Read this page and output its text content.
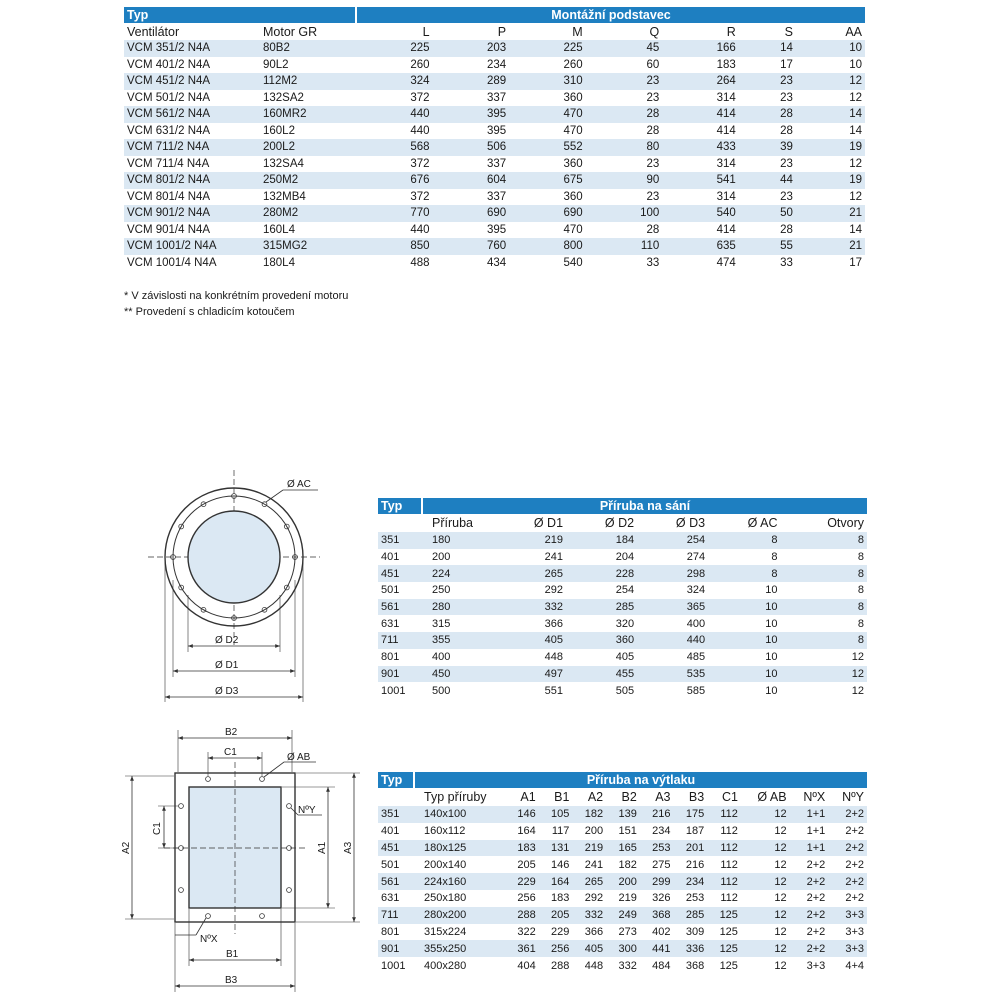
Typ		Montážní podstavec						
Ventilátor	Motor GR	L	P	M	Q	R	S	AA
VCM 351/2 N4A	80B2	225	203	225	45	166	14	10
VCM 401/2 N4A	90L2	260	234	260	60	183	17	10
VCM 451/2 N4A	112M2	324	289	310	23	264	23	12
VCM 501/2 N4A	132SA2	372	337	360	23	314	23	12
VCM 561/2 N4A	160MR2	440	395	470	28	414	28	14
VCM 631/2 N4A	160L2	440	395	470	28	414	28	14
VCM 711/2 N4A	200L2	568	506	552	80	433	39	19
VCM 711/4 N4A	132SA4	372	337	360	23	314	23	12
VCM 801/2 N4A	250M2	676	604	675	90	541	44	19
VCM 801/4 N4A	132MB4	372	337	360	23	314	23	12
VCM 901/2 N4A	280M2	770	690	690	100	540	50	21
VCM 901/4 N4A	160L4	440	395	470	28	414	28	14
VCM 1001/2 N4A	315MG2	850	760	800	110	635	55	21
VCM 1001/4 N4A	180L4	488	434	540	33	474	33	17
* V závislosti na konkrétním provedení motoru
** Provedení s chladicím kotoučem
Typ	Příruba na sání					
	Příruba	Ø D1	Ø D2	Ø D3	Ø AC	Otvory
351	180	219	184	254	8	8
401	200	241	204	274	8	8
451	224	265	228	298	8	8
501	250	292	254	324	10	8
561	280	332	285	365	10	8
631	315	366	320	400	10	8
711	355	405	360	440	10	8
801	400	448	405	485	10	12
901	450	497	455	535	10	12
1001	500	551	505	585	10	12
Typ	Příruba na výtlaku										
	Typ příruby	A1	B1	A2	B2	A3	B3	C1	Ø AB	NºX	NºY
351	140x100	146	105	182	139	216	175	112	12	1+1	2+2
401	160x112	164	117	200	151	234	187	112	12	1+1	2+2
451	180x125	183	131	219	165	253	201	112	12	1+1	2+2
501	200x140	205	146	241	182	275	216	112	12	2+2	2+2
561	224x160	229	164	265	200	299	234	112	12	2+2	2+2
631	250x180	256	183	292	219	326	253	112	12	2+2	2+2
711	280x200	288	205	332	249	368	285	125	12	2+2	3+3
801	315x224	322	229	366	273	402	309	125	12	2+2	3+3
901	355x250	361	256	405	300	441	336	125	12	2+2	3+3
1001	400x280	404	288	448	332	484	368	125	12	3+3	4+4
Ø AC
Ø D2
Ø D1
Ø D3
B2
C1	Ø AB
NºY
C1
A2	A1 A3
NºX
B1
B3
